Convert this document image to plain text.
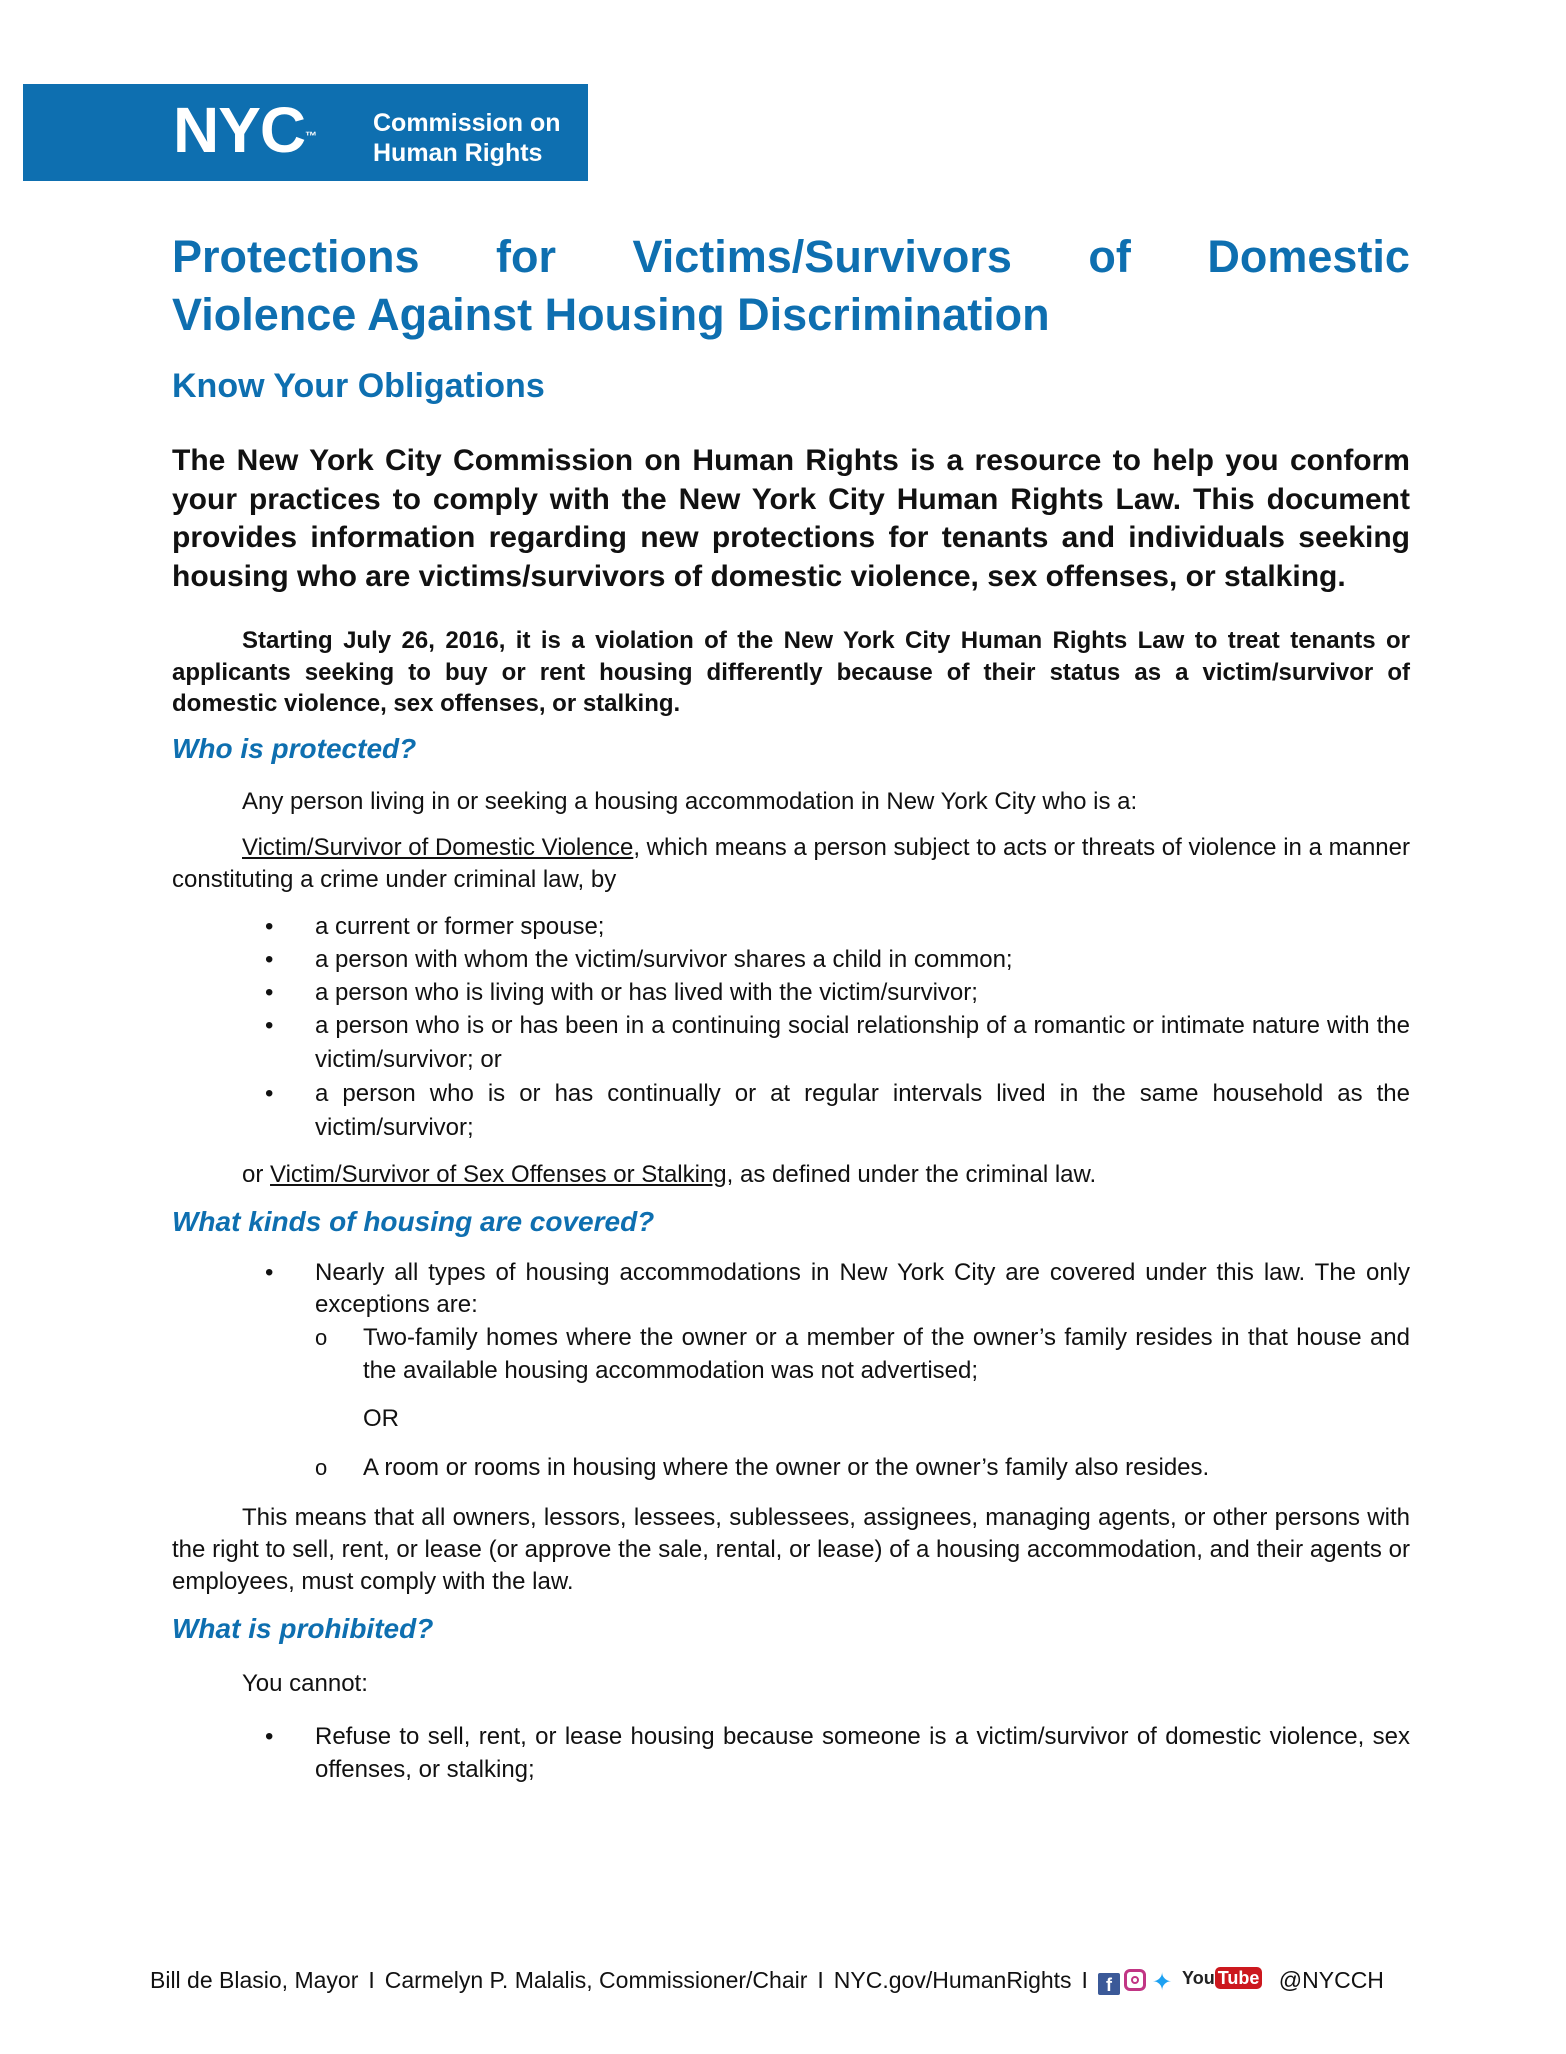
NYC™ Commission on
Human Rights
Protections for Victims/Survivors of Domestic
Violence Against Housing Discrimination
Know Your Obligations

The New York City Commission on Human Rights is a resource to help you conform your practices to comply with the New York City Human Rights Law. This document provides information regarding new protections for tenants and individuals seeking housing who are victims/survivors of domestic violence, sex offenses, or stalking.

Starting July 26, 2016, it is a violation of the New York City Human Rights Law to treat tenants or applicants seeking to buy or rent housing differently because of their status as a victim/survivor of domestic violence, sex offenses, or stalking.

Who is protected?

Any person living in or seeking a housing accommodation in New York City who is a:

Victim/Survivor of Domestic Violence, which means a person subject to acts or threats of violence in a manner constituting a crime under criminal law, by

• a current or former spouse;
• a person with whom the victim/survivor shares a child in common;
• a person who is living with or has lived with the victim/survivor;
• a person who is or has been in a continuing social relationship of a romantic or intimate nature with the victim/survivor; or
• a person who is or has continually or at regular intervals lived in the same household as the victim/survivor;

or Victim/Survivor of Sex Offenses or Stalking, as defined under the criminal law.

What kinds of housing are covered?
• Nearly all types of housing accommodations in New York City are covered under this law. The only exceptions are:
o Two-family homes where the owner or a member of the owner’s family resides in that house and the available housing accommodation was not advertised;

OR

o A room or rooms in housing where the owner or the owner’s family also resides.

This means that all owners, lessors, lessees, sublessees, assignees, managing agents, or other persons with the right to sell, rent, or lease (or approve the sale, rental, or lease) of a housing accommodation, and their agents or employees, must comply with the law.

What is prohibited?

You cannot:

• Refuse to sell, rent, or lease housing because someone is a victim/survivor of domestic violence, sex offenses, or stalking;
Bill de Blasio, Mayor I Carmelyn P. Malalis, Commissioner/Chair I NYC.gov/HumanRights I f ✦ You Tube @NYCCH
